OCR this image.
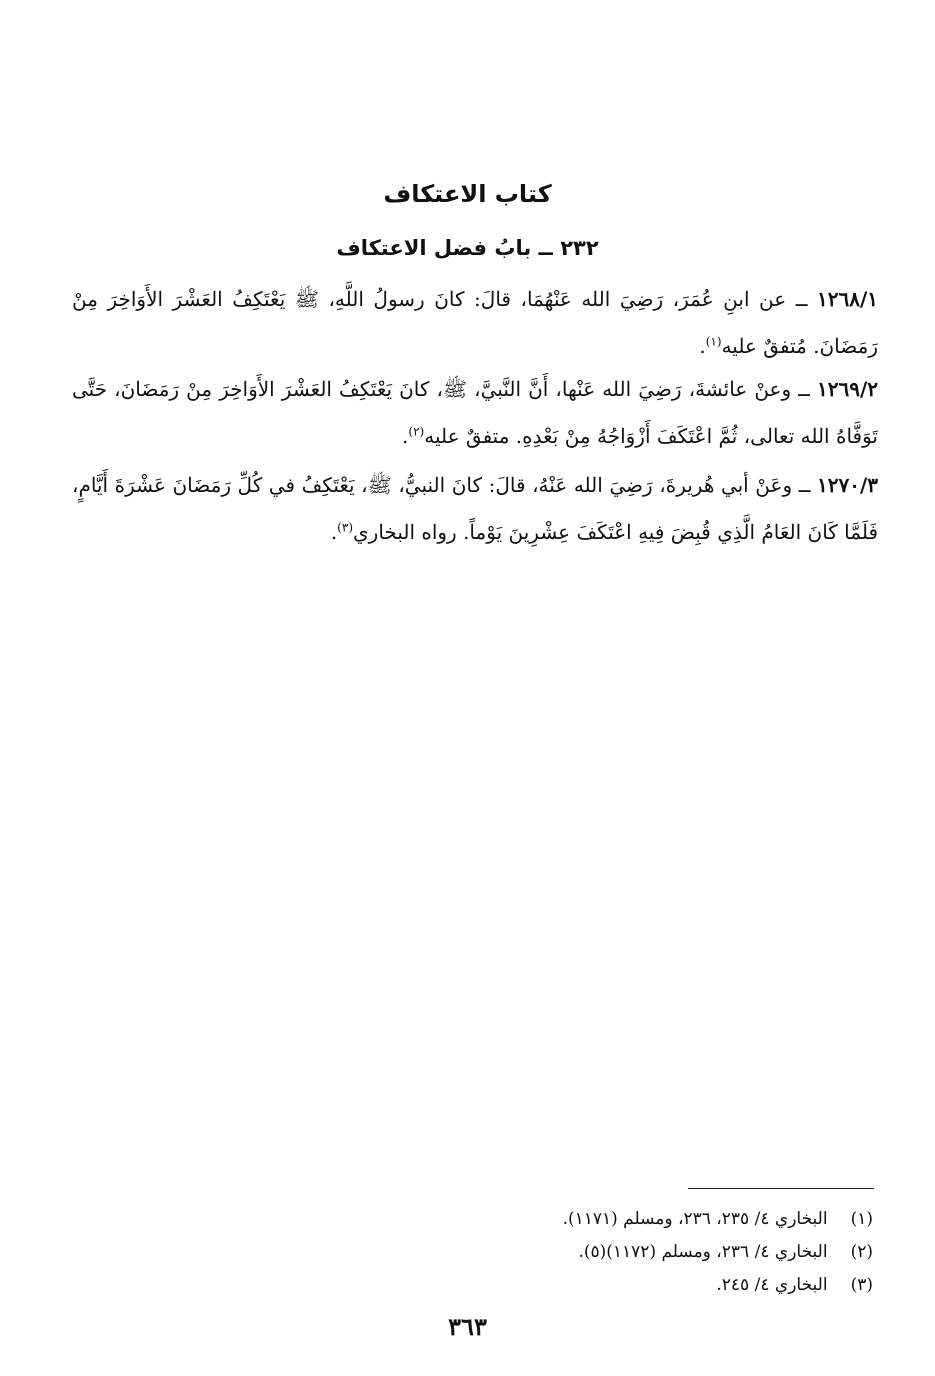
كتاب الاعتكاف
٢٣٢ ــ بابُ فضل الاعتكاف
١٢٦٨/١ ــ عن ابنِ عُمَرَ، رَضِيَ الله عَنْهُمَا، قالَ: كانَ رسولُ اللَّهِ، ﷺ يَعْتَكِفُ العَشْرَ الأَوَاخِرَ مِنْ رَمَضَانَ. مُتفقٌ عليه$^{(١)}$.
١٢٦٩/٢ ــ وعنْ عائشةَ، رَضِيَ الله عَنْها، أَنَّ النَّبيَّ، ﷺ، كانَ يَعْتَكِفُ العَشْرَ الأَوَاخِرَ مِنْ رَمَضَانَ، حَتَّى تَوَفَّاهُ الله تعالى، ثُمَّ اعْتَكَفَ أَزْوَاجُهُ مِنْ بَعْدِهِ. متفقٌ عليه$^{(٢)}$.
١٢٧٠/٣ ــ وعَنْ أبي هُريرةَ، رَضِيَ الله عَنْهُ، قالَ: كانَ النبيُّ، ﷺ، يَعْتَكِفُ في كُلِّ رَمَضَانَ عَشْرَةَ أَيَّامٍ، فَلَمَّا كَانَ العَامُ الَّذِي قُبِضَ فِيهِ اعْتَكَفَ عِشْرِينَ يَوْماً. رواه البخاري$^{(٣)}$.
(١) البخاري ٤/ ٢٣٥، ٢٣٦، ومسلم (١١٧١).
(٢) البخاري ٤/ ٢٣٦، ومسلم (١١٧٢)(٥).
(٣) البخاري ٤/ ٢٤٥.
٣٦٣
